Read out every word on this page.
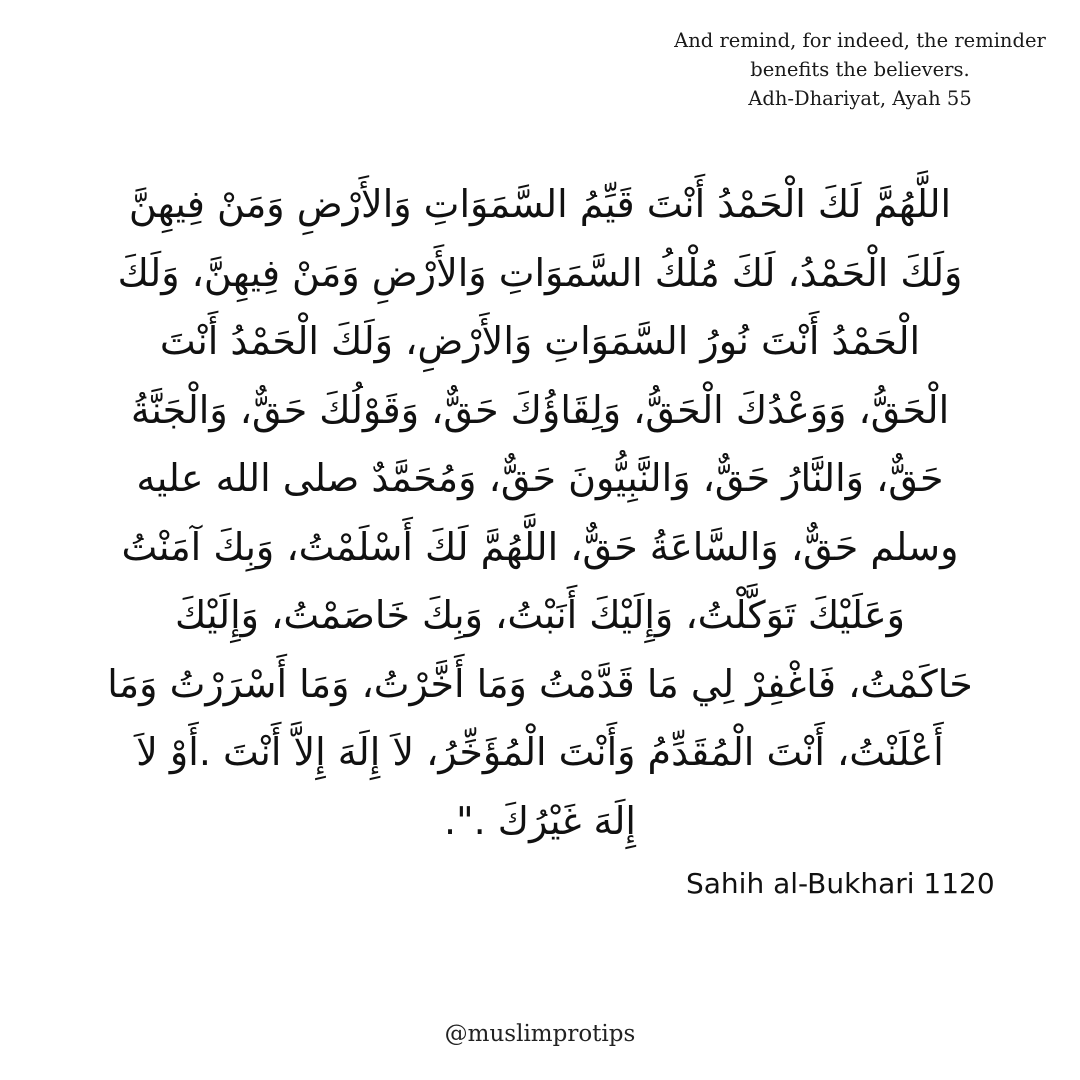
And remind, for indeed, the reminder
benefits the believers.
Adh-Dhariyat, Ayah 55
اللَّهُمَّ لَكَ الْحَمْدُ أَنْتَ قَيِّمُ السَّمَوَاتِ وَالأَرْضِ وَمَنْ فِيهِنَّ
وَلَكَ الْحَمْدُ، لَكَ مُلْكُ السَّمَوَاتِ وَالأَرْضِ وَمَنْ فِيهِنَّ، وَلَكَ
الْحَمْدُ أَنْتَ نُورُ السَّمَوَاتِ وَالأَرْضِ، وَلَكَ الْحَمْدُ أَنْتَ
الْحَقُّ، وَوَعْدُكَ الْحَقُّ، وَلِقَاؤُكَ حَقٌّ، وَقَوْلُكَ حَقٌّ، وَالْجَنَّةُ
حَقٌّ، وَالنَّارُ حَقٌّ، وَالنَّبِيُّونَ حَقٌّ، وَمُحَمَّدٌ صلى الله عليه
وسلم حَقٌّ، وَالسَّاعَةُ حَقٌّ، اللَّهُمَّ لَكَ أَسْلَمْتُ، وَبِكَ آمَنْتُ
وَعَلَيْكَ تَوَكَّلْتُ، وَإِلَيْكَ أَنَبْتُ، وَبِكَ خَاصَمْتُ، وَإِلَيْكَ
حَاكَمْتُ، فَاغْفِرْ لِي مَا قَدَّمْتُ وَمَا أَخَّرْتُ، وَمَا أَسْرَرْتُ وَمَا
أَعْلَنْتُ، أَنْتَ الْمُقَدِّمُ وَأَنْتَ الْمُؤَخِّرُ، لاَ إِلَهَ إِلاَّ أَنْتَ .أَوْ لاَ
إِلَهَ غَيْرُكَ .".
Sahih al-Bukhari 1120
@muslimprotips
